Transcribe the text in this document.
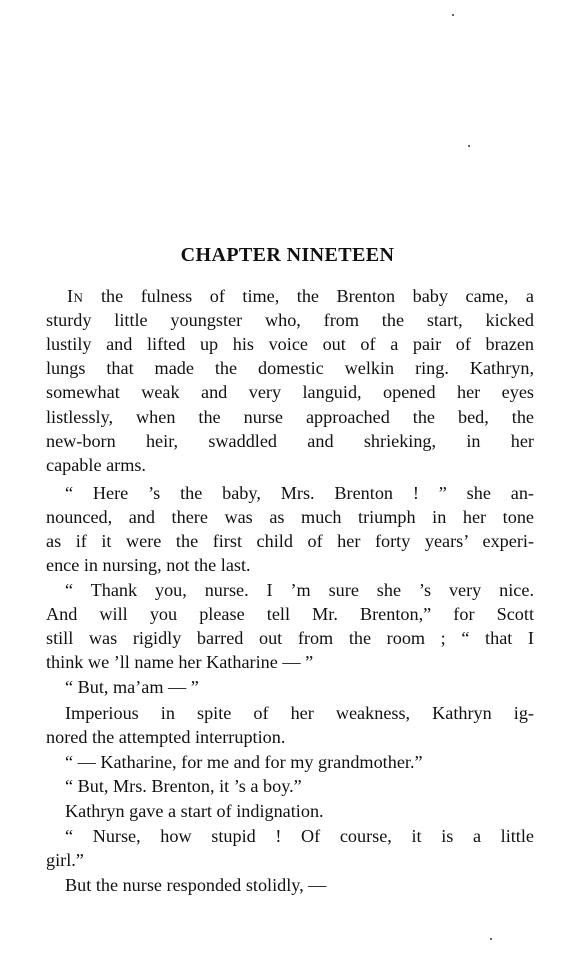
CHAPTER NINETEEN

In the fulness of time, the Brenton baby came, a

sturdy little youngster who, from the start, kicked

lustily and lifted up his voice out of a pair of brazen

lungs that made the domestic welkin ring. Kathryn,

somewhat weak and very languid, opened her eyes

listlessly, when the nurse approached the bed, the

new-born heir, swaddled and shrieking, in her

capable arms.

“ Here ’s the baby, Mrs. Brenton ! ” she an-

nounced, and there was as much triumph in her tone

as if it were the first child of her forty years’ experi-

ence in nursing, not the last.

“ Thank you, nurse. I ’m sure she ’s very nice.

And will you please tell Mr. Brenton,” for Scott

still was rigidly barred out from the room ; “ that I

think we ’ll name her Katharine — ”

“ But, ma’am — ”

Imperious in spite of her weakness, Kathryn ig-

nored the attempted interruption.

“ — Katharine, for me and for my grandmother.”

“ But, Mrs. Brenton, it ’s a boy.”

Kathryn gave a start of indignation.

“ Nurse, how stupid ! Of course, it is a little

girl.”

But the nurse responded stolidly, —
